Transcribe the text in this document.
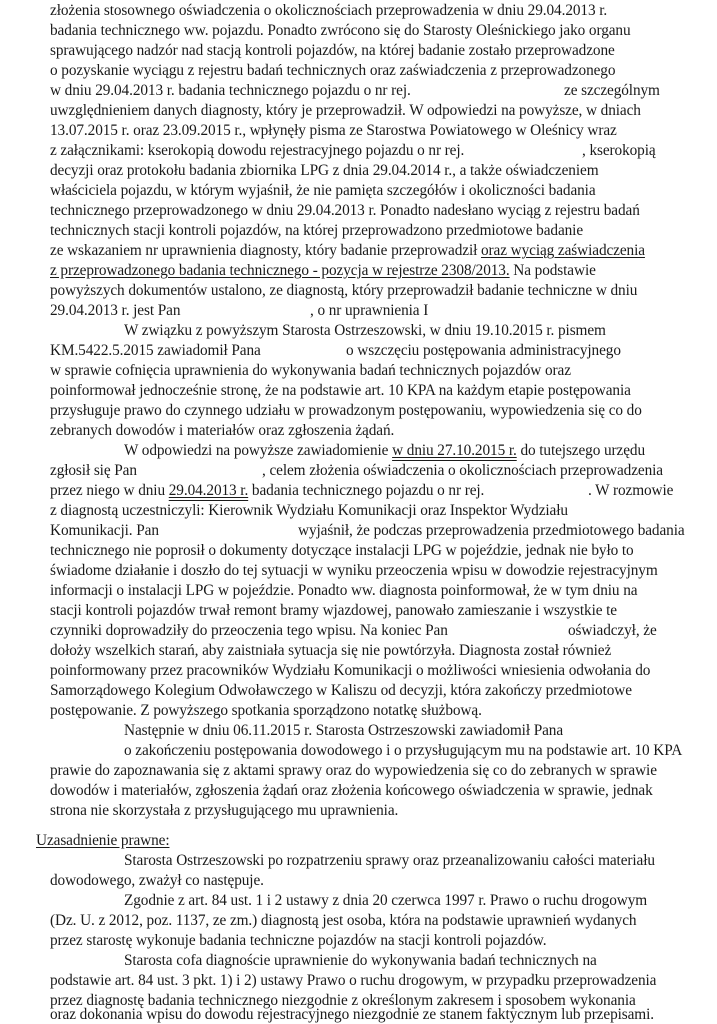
złożenia stosownego oświadczenia o okolicznościach przeprowadzenia w dniu 29.04.2013 r.
badania technicznego ww. pojazdu. Ponadto zwrócono się do Starosty Oleśnickiego jako organu
sprawującego nadzór nad stacją kontroli pojazdów, na której badanie zostało przeprowadzone
o pozyskanie wyciągu z rejestru badań technicznych oraz zaświadczenia z przeprowadzonego
w dniu 29.04.2013 r. badania technicznego pojazdu o nr rej.	ze szczególnym
uwzględnieniem danych diagnosty, który je przeprowadził. W odpowiedzi na powyższe, w dniach
13.07.2015 r. oraz 23.09.2015 r., wpłynęły pisma ze Starostwa Powiatowego w Oleśnicy wraz
z załącznikami: kserokopią dowodu rejestracyjnego pojazdu o nr rej.	, kserokopią
decyzji oraz protokołu badania zbiornika LPG z dnia 29.04.2014 r., a także oświadczeniem
właściciela pojazdu, w którym wyjaśnił, że nie pamięta szczegółów i okoliczności badania
technicznego przeprowadzonego w dniu 29.04.2013 r. Ponadto nadesłano wyciąg z rejestru badań
technicznych stacji kontroli pojazdów, na której przeprowadzono przedmiotowe badanie
ze wskazaniem nr uprawnienia diagnosty, który badanie przeprowadził oraz wyciąg zaświadczenia
z przeprowadzonego badania technicznego - pozycja w rejestrze 2308/2013. Na podstawie
powyższych dokumentów ustalono, ze diagnostą, który przeprowadził badanie techniczne w dniu
29.04.2013 r. jest Pan	, o nr uprawnienia I
W związku z powyższym Starosta Ostrzeszowski, w dniu 19.10.2015 r. pismem
KM.5422.5.2015 zawiadomił Pana	o wszczęciu postępowania administracyjnego
w sprawie cofnięcia uprawnienia do wykonywania badań technicznych pojazdów oraz
poinformował jednocześnie stronę, że na podstawie art. 10 KPA na każdym etapie postępowania
przysługuje prawo do czynnego udziału w prowadzonym postępowaniu, wypowiedzenia się co do
zebranych dowodów i materiałów oraz zgłoszenia żądań.
W odpowiedzi na powyższe zawiadomienie w dniu 27.10.2015 r. do tutejszego urzędu
zgłosił się Pan	, celem złożenia oświadczenia o okolicznościach przeprowadzenia
przez niego w dniu 29.04.2013 r. badania technicznego pojazdu o nr rej.	. W rozmowie
z diagnostą uczestniczyli: Kierownik Wydziału Komunikacji oraz Inspektor Wydziału
Komunikacji. Pan	wyjaśnił, że podczas przeprowadzenia przedmiotowego badania
technicznego nie poprosił o dokumenty dotyczące instalacji LPG w pojeździe, jednak nie było to
świadome działanie i doszło do tej sytuacji w wyniku przeoczenia wpisu w dowodzie rejestracyjnym
informacji o instalacji LPG w pojeździe. Ponadto ww. diagnosta poinformował, że w tym dniu na
stacji kontroli pojazdów trwał remont bramy wjazdowej, panowało zamieszanie i wszystkie te
czynniki doprowadziły do przeoczenia tego wpisu. Na koniec Pan	oświadczył, że
dołoży wszelkich starań, aby zaistniała sytuacja się nie powtórzyła. Diagnosta został również
poinformowany przez pracowników Wydziału Komunikacji o możliwości wniesienia odwołania do
Samorządowego Kolegium Odwoławczego w Kaliszu od decyzji, która zakończy przedmiotowe
postępowanie. Z powyższego spotkania sporządzono notatkę służbową.
Następnie w dniu 06.11.2015 r. Starosta Ostrzeszowski zawiadomił Pana
o zakończeniu postępowania dowodowego i o przysługującym mu na podstawie art. 10 KPA
prawie do zapoznawania się z aktami sprawy oraz do wypowiedzenia się co do zebranych w sprawie
dowodów i materiałów, zgłoszenia żądań oraz złożenia końcowego oświadczenia w sprawie, jednak
strona nie skorzystała z przysługującego mu uprawnienia.
Uzasadnienie prawne:
Starosta Ostrzeszowski po rozpatrzeniu sprawy oraz przeanalizowaniu całości materiału
dowodowego, zważył co następuje.
Zgodnie z art. 84 ust. 1 i 2 ustawy z dnia 20 czerwca 1997 r. Prawo o ruchu drogowym
(Dz. U. z 2012, poz. 1137, ze zm.) diagnostą jest osoba, która na podstawie uprawnień wydanych
przez starostę wykonuje badania techniczne pojazdów na stacji kontroli pojazdów.
Starosta cofa diagnoście uprawnienie do wykonywania badań technicznych na
podstawie art. 84 ust. 3 pkt. 1) i 2) ustawy Prawo o ruchu drogowym, w przypadku przeprowadzenia
przez diagnostę badania technicznego niezgodnie z określonym zakresem i sposobem wykonania
oraz dokonania wpisu do dowodu rejestracyjnego niezgodnie ze stanem faktycznym lub przepisami.
